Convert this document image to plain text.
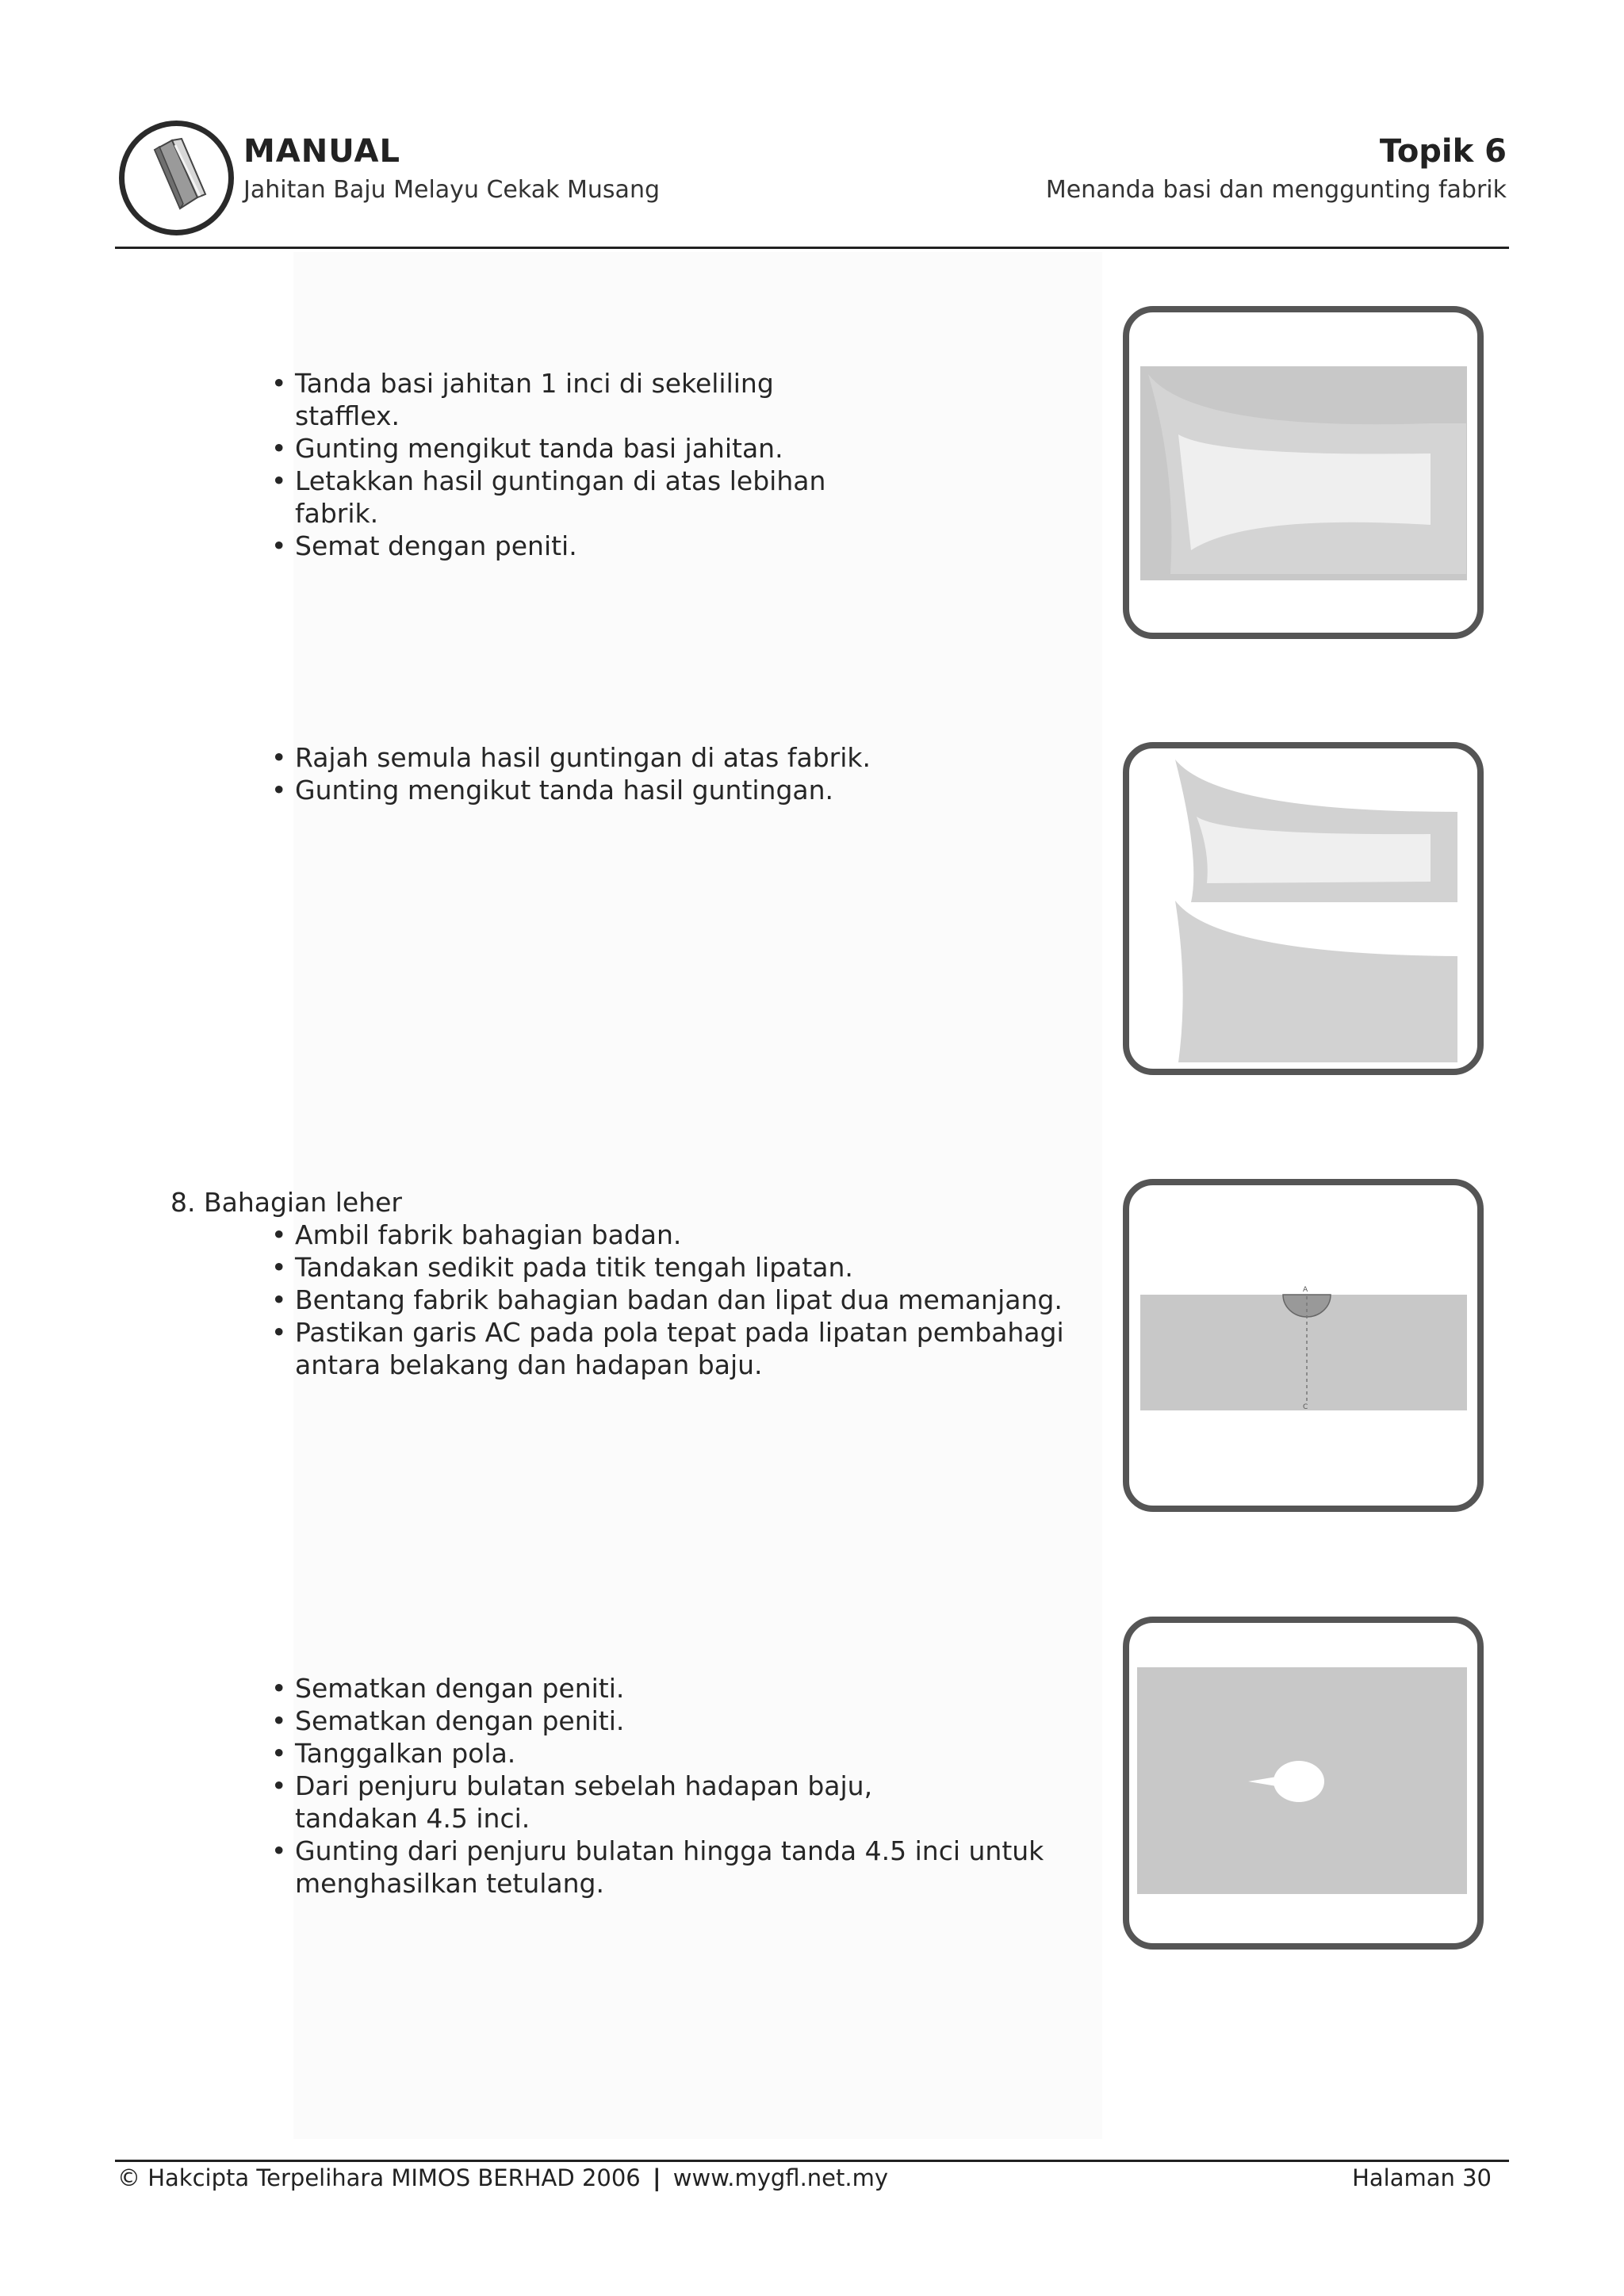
MANUAL
Jahitan Baju Melayu Cekak Musang
Topik 6
Menanda basi dan menggunting fabrik
• Tanda basi jahitan 1 inci di sekeliling stafflex.
• Gunting mengikut tanda basi jahitan.
• Letakkan hasil guntingan di atas lebihan fabrik.
• Semat dengan peniti.
• Rajah semula hasil guntingan di atas fabrik.
• Gunting mengikut tanda hasil guntingan.
8. Bahagian leher
• Ambil fabrik bahagian badan.
• Tandakan sedikit pada titik tengah lipatan.
• Bentang fabrik bahagian badan dan lipat dua memanjang.
• Pastikan garis AC pada pola tepat pada lipatan pembahagi antara belakang dan hadapan baju.
A
C
• Sematkan dengan peniti.
• Sematkan dengan peniti.
• Tanggalkan pola.
• Dari penjuru bulatan sebelah hadapan baju, tandakan 4.5 inci.
• Gunting dari penjuru bulatan hingga tanda 4.5 inci untuk menghasilkan tetulang.
© Hakcipta Terpelihara MIMOS BERHAD 2006 | www.mygfl.net.my	Halaman 30
